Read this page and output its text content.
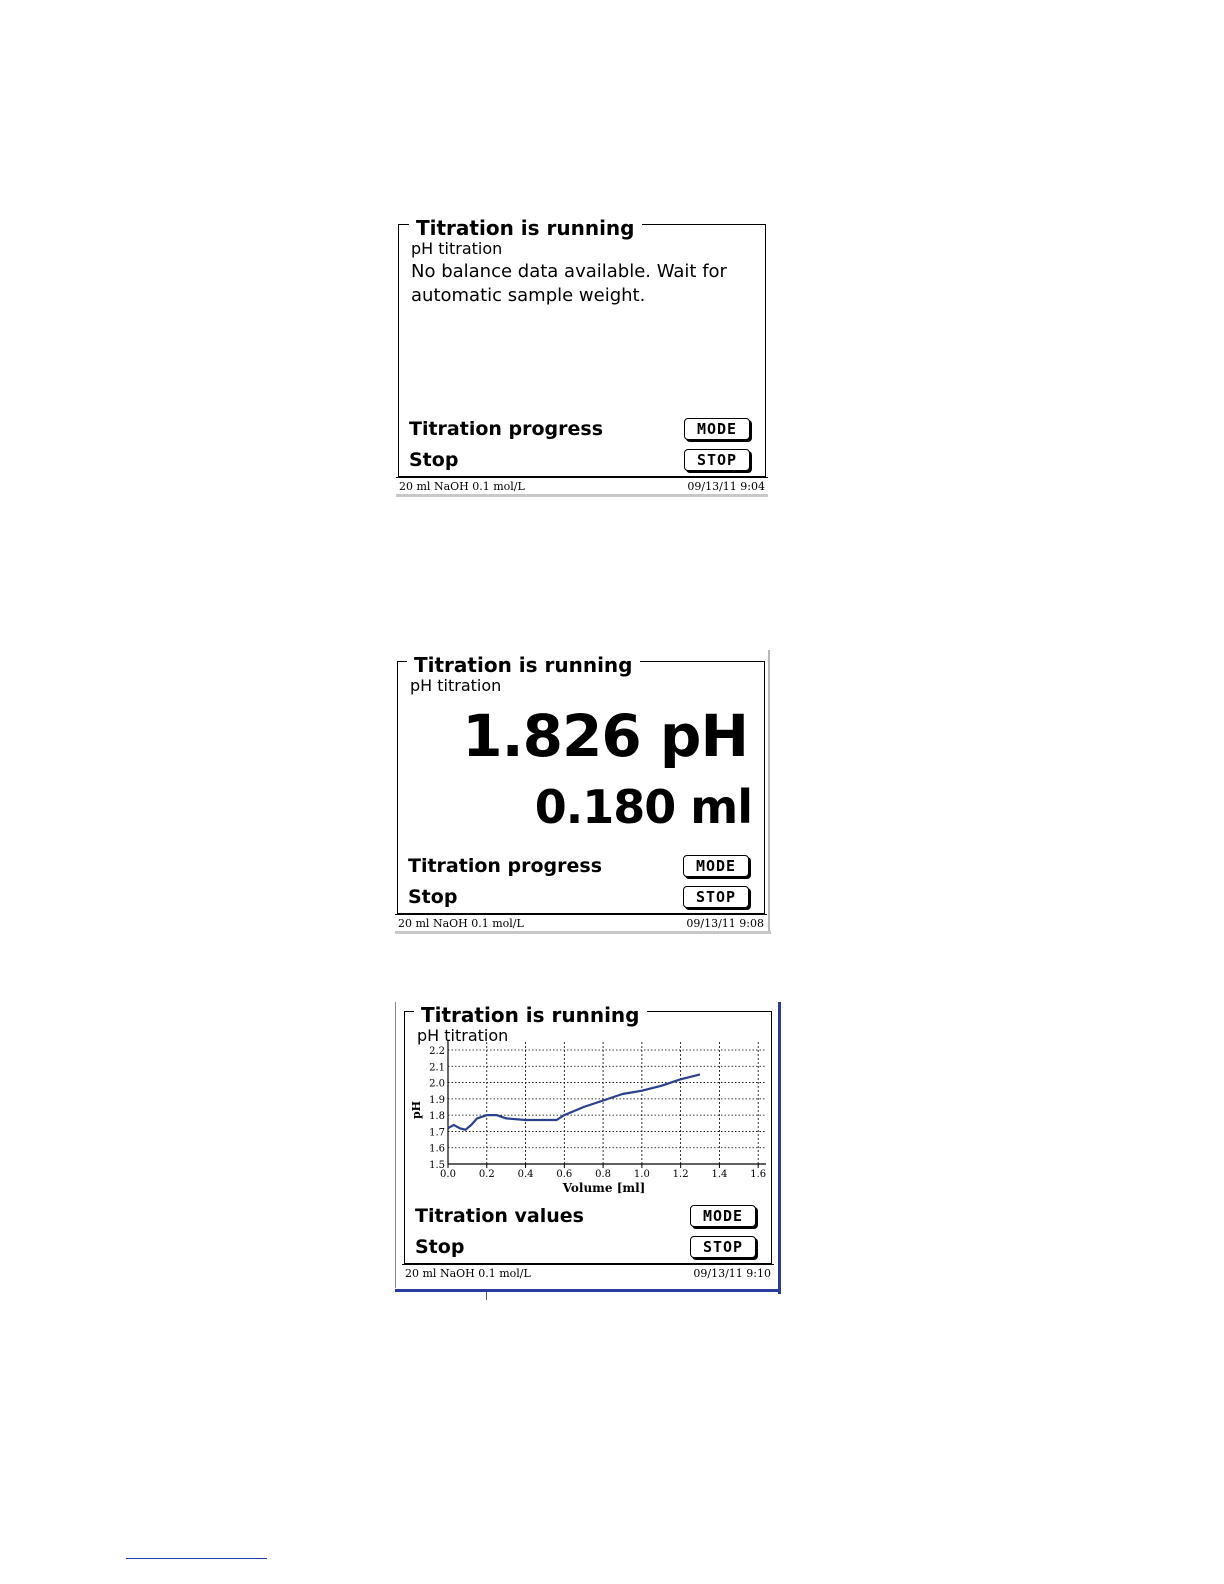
Titration is running
pH titration
No balance data available. Wait for automatic sample weight.
Titration progress	MODE
Stop	STOP
20 ml NaOH 0.1 mol/L	09/13/11 9:04
Titration is running
pH titration
1.826 pH
0.180 ml
Titration progress	MODE
Stop	STOP
20 ml NaOH 0.1 mol/L	09/13/11 9:08
Titration is running
pH titration
1.5
1.6
1.7
1.8
1.9
2.0
2.1
2.2
0.0 0.2 0.4 0.6 0.8 1.0 1.2 1.4 1.6
Volume [ml]
pH
Titration values	MODE
Stop	STOP
20 ml NaOH 0.1 mol/L	09/13/11 9:10
